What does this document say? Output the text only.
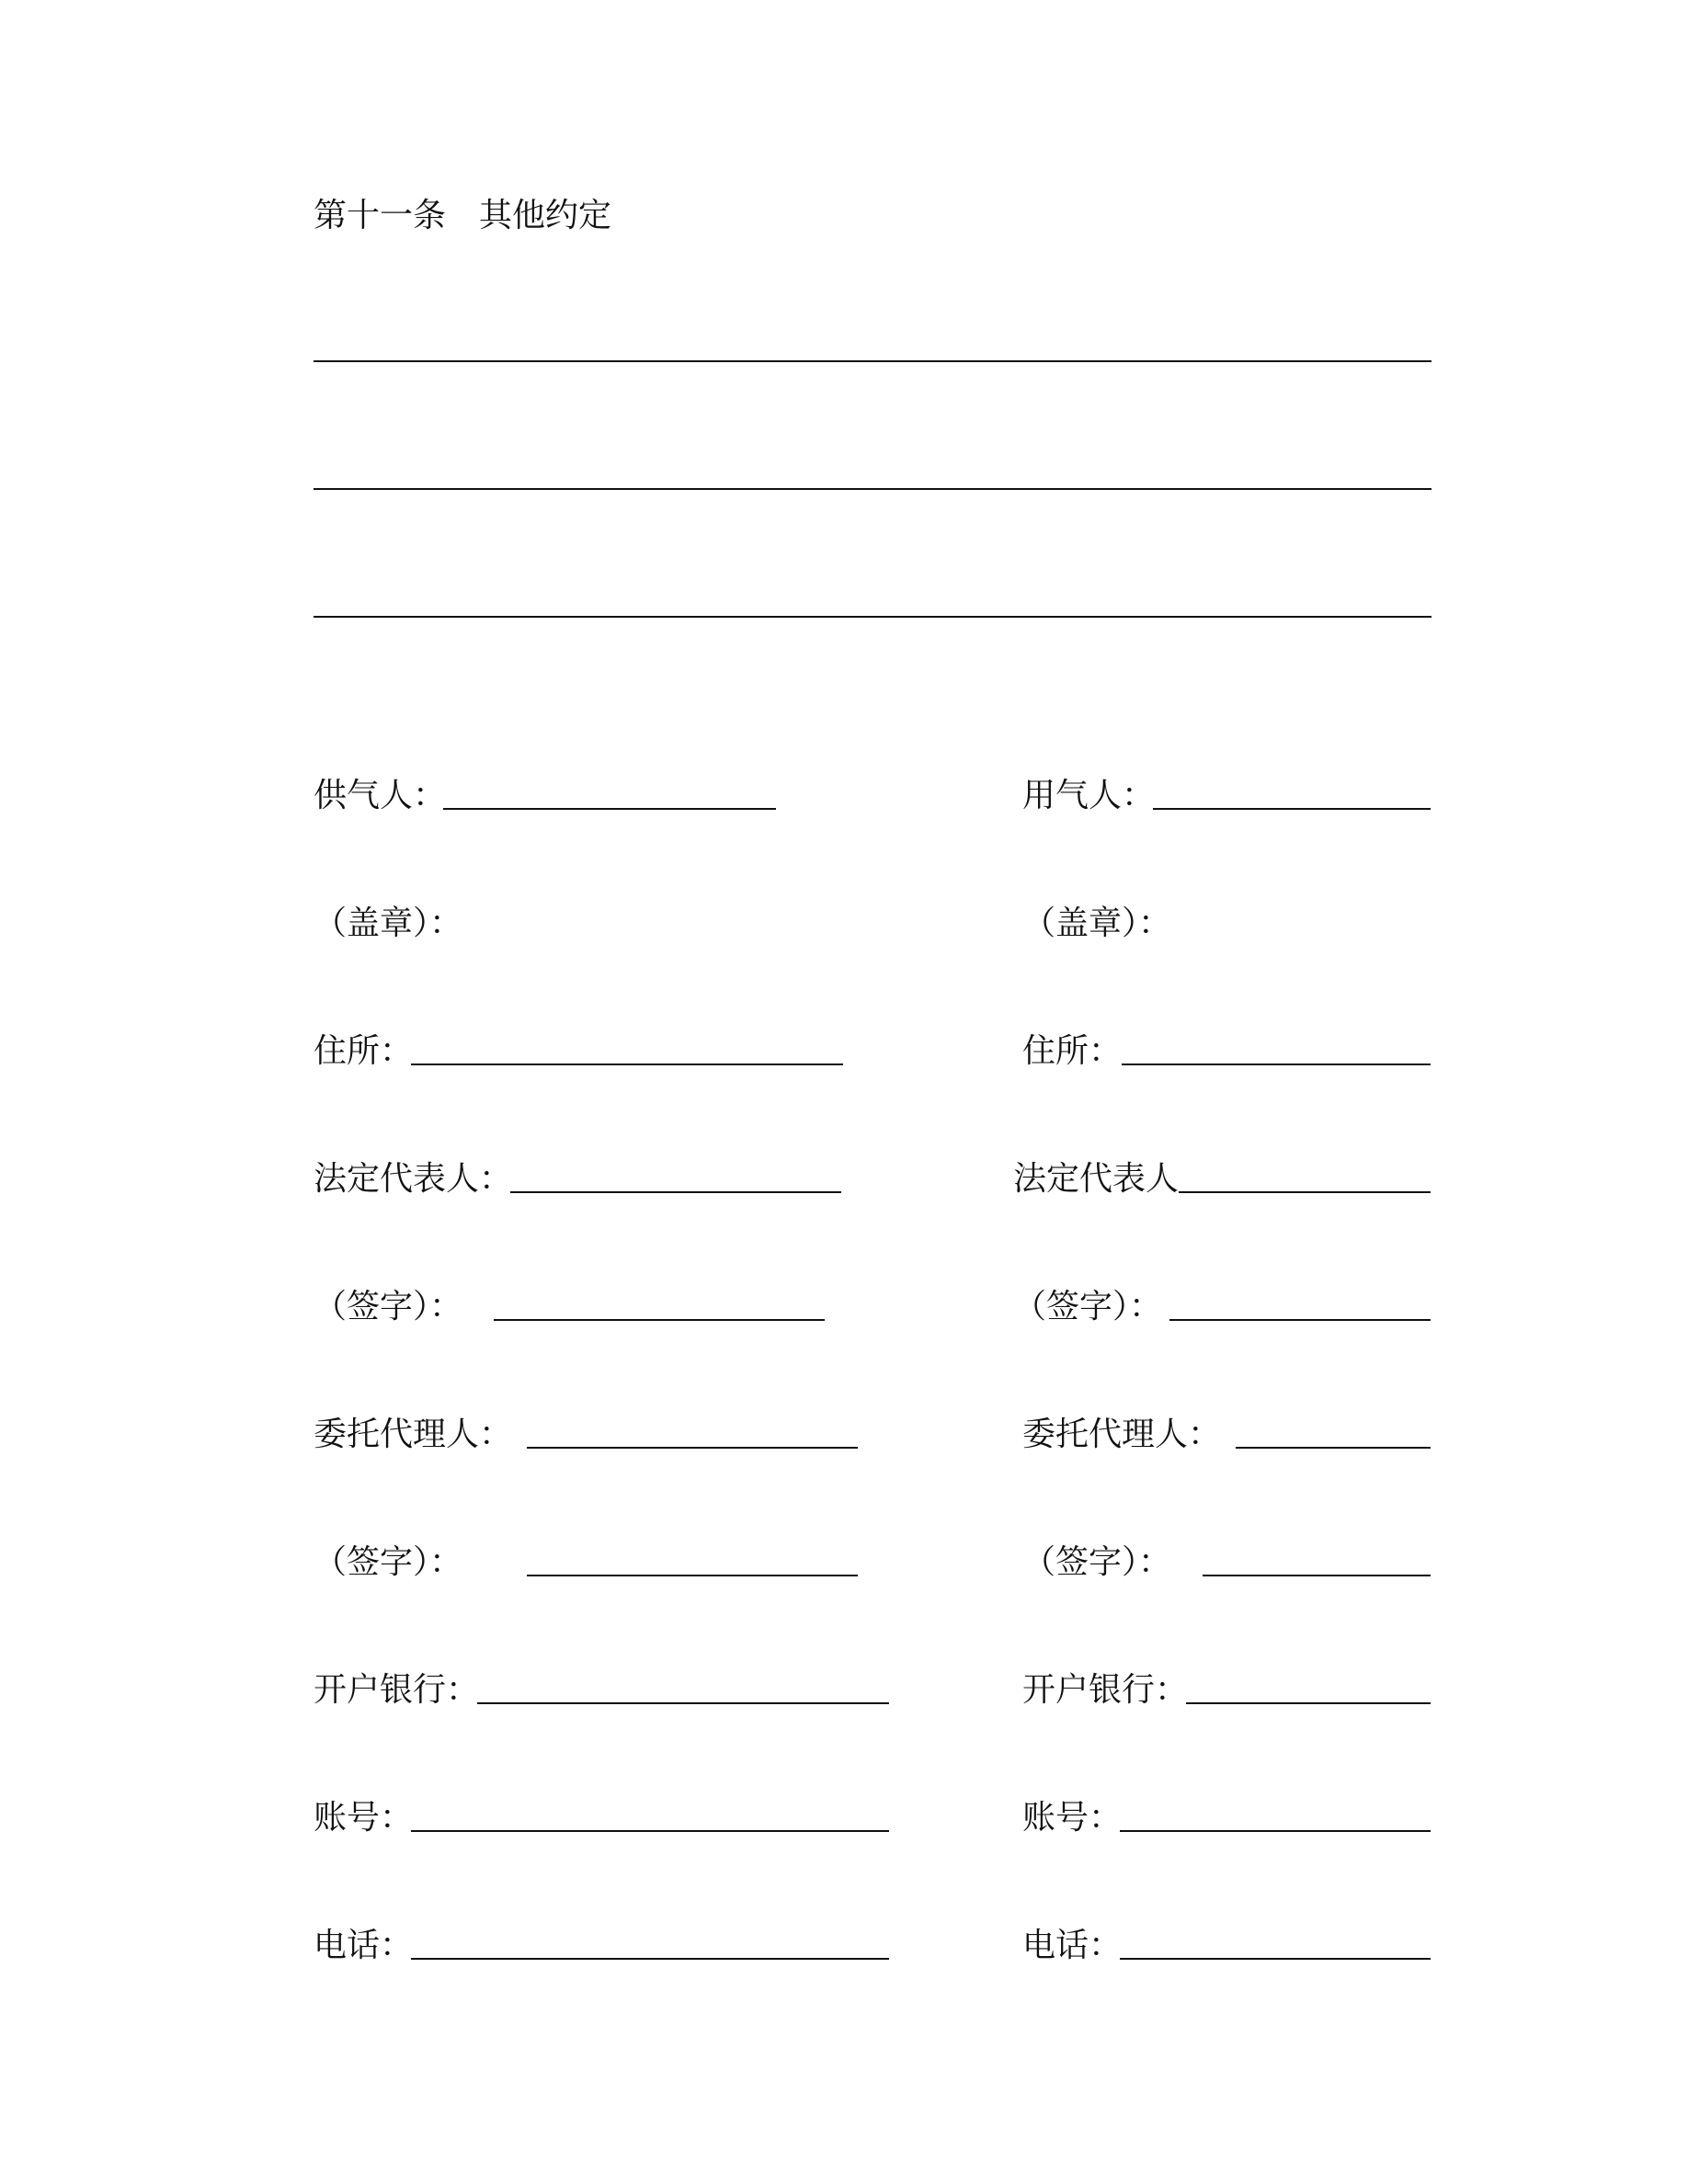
第十一条　其他约定
供气人：
（盖章）：
住所：
法定代表人：
（签字）：
委托代理人：
（签字）：
开户银行：
账号：
电话：
用气人：
（盖章）：
住所：
法定代表人
（签字）：
委托代理人：
（签字）：
开户银行：
账号：
电话：
